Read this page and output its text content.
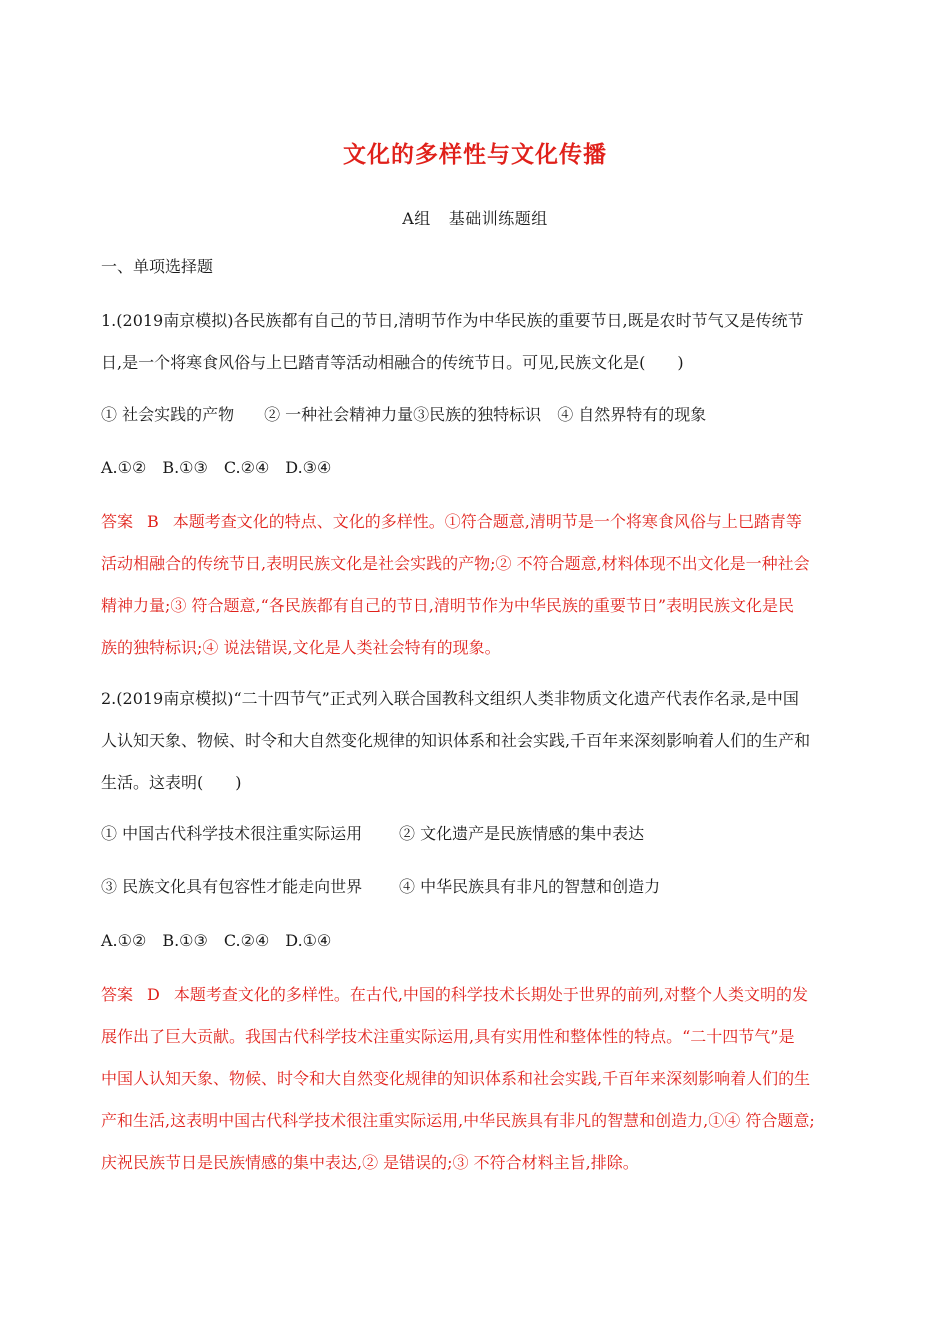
文化的多样性与文化传播
A组 基础训练题组
一、单项选择题
1.(2019南京模拟)各民族都有自己的节日,清明节作为中华民族的重要节日,既是农时节气又是传统节
日,是一个将寒食风俗与上巳踏青等活动相融合的传统节日。可见,民族文化是(　　)
① 社会实践的产物 ② 一种社会精神力量③民族的独特标识 ④ 自然界特有的现象
A.①②　B.①③　C.②④　D.③④
答案 B 本题考查文化的特点、文化的多样性。①符合题意,清明节是一个将寒食风俗与上巳踏青等
活动相融合的传统节日,表明民族文化是社会实践的产物;② 不符合题意,材料体现不出文化是一种社会
精神力量;③ 符合题意,“各民族都有自己的节日,清明节作为中华民族的重要节日”表明民族文化是民
族的独特标识;④ 说法错误,文化是人类社会特有的现象。
2.(2019南京模拟)“二十四节气”正式列入联合国教科文组织人类非物质文化遗产代表作名录,是中国
人认知天象、物候、时令和大自然变化规律的知识体系和社会实践,千百年来深刻影响着人们的生产和
生活。这表明(　　)
① 中国古代科学技术很注重实际运用 ② 文化遗产是民族情感的集中表达
③ 民族文化具有包容性才能走向世界 ④ 中华民族具有非凡的智慧和创造力
A.①②　B.①③　C.②④　D.①④
答案 D 本题考查文化的多样性。在古代,中国的科学技术长期处于世界的前列,对整个人类文明的发
展作出了巨大贡献。我国古代科学技术注重实际运用,具有实用性和整体性的特点。“二十四节气”是
中国人认知天象、物候、时令和大自然变化规律的知识体系和社会实践,千百年来深刻影响着人们的生
产和生活,这表明中国古代科学技术很注重实际运用,中华民族具有非凡的智慧和创造力,①④ 符合题意;
庆祝民族节日是民族情感的集中表达,② 是错误的;③ 不符合材料主旨,排除。
